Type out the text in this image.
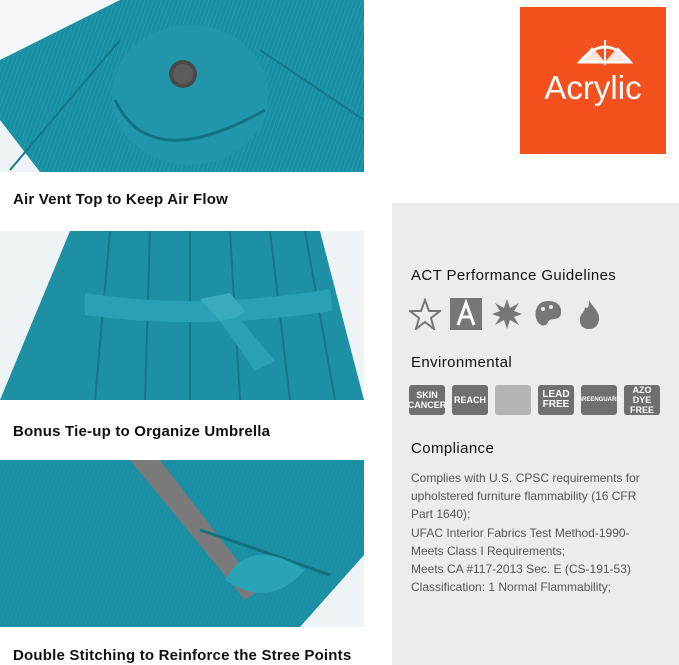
Air Vent Top to Keep Air Flow
Bonus Tie-up to Organize Umbrella
Double Stitching to Reinforce the Stree Points
Acrylic
ACT Performance Guidelines
Environmental
SKIN
CANCER REACH	LEAD
FREE GREENGUARD
AZO DYE
FREE
Compliance
Complies with U.S. CPSC requirements for
upholstered furniture flammability (16 CFR
Part 1640);
UFAC Interior Fabrics Test Method-1990-
Meets Class I Requirements;
Meets CA #117-2013 Sec. E (CS-191-53)
Classification: 1 Normal Flammability;
